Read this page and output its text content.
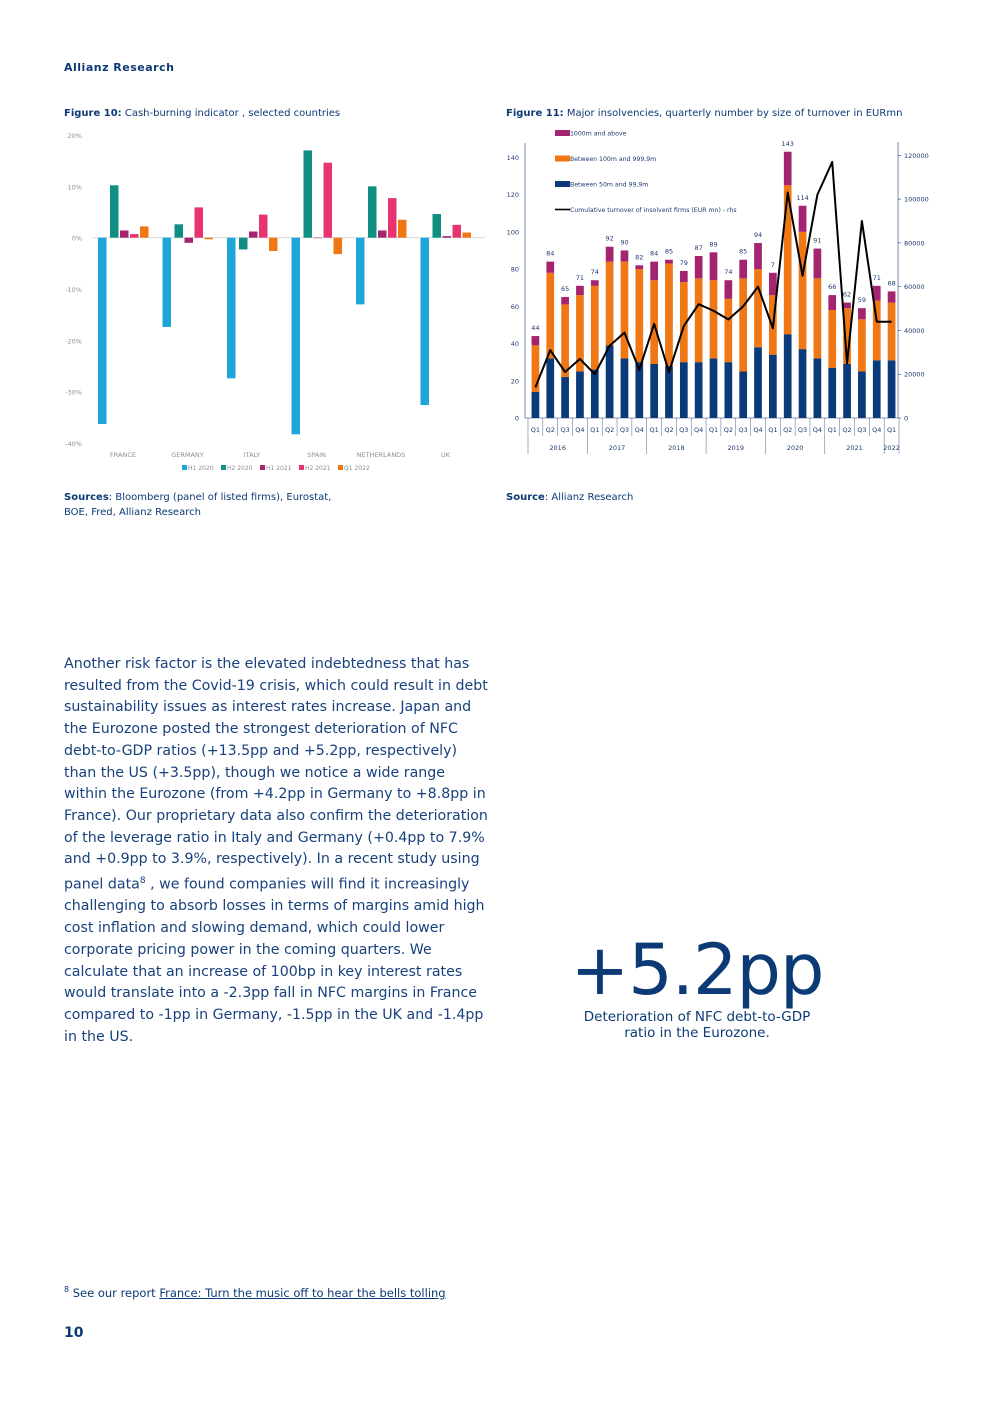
Allianz Research
Figure 10: Cash-burning indicator , selected countries	Figure 11: Major insolvencies, quarterly number by size of turnover in EURmn
20%
10%
0%
-10%
-20%
-30%
-40%
FRANCE	GERMANY	ITALY	SPAIN	NETHERLANDS	UK
H1 2020 H2 2020 H1 2021 H2 2021 Q1 2022
140
120
100
80
60
40
20
0
120000
100000
80000
60000
40000
20000
0
44
Q1
84
Q2
65
Q3
71
Q4
74
Q1
92
Q2
90
Q3
82
Q4
84
Q1
85
Q2
79
Q3
87
Q4
89
Q1
74
Q2
85
Q3
94
Q4
7
Q1
143
Q2
114
Q3
91
Q4
66
Q1
62
Q2
59
Q3
71
Q4
68
Q1
2016	2017	2018	2019	2020	2021	2022
1000m and above
Between 100m and 999,9m
Between 50m and 99,9m
Cumulative turnover of insolvent firms (EUR mn) - rhs
Sources: Bloomberg (panel of listed firms), Eurostat,
BOE, Fred, Allianz Research
Source: Allianz Research
Another risk factor is the elevated indebtedness that has resulted from the Covid-19 crisis, which could result in debt sustainability issues as interest rates increase. Japan and the Eurozone posted the strongest deterioration of NFC debt-to-GDP ratios (+13.5pp and +5.2pp, respectively) than the US (+3.5pp), though we notice a wide range within the Eurozone (from +4.2pp in Germany to +8.8pp in France). Our proprietary data also confirm the deterioration of the leverage ratio in Italy and Germany (+0.4pp to 7.9% and +0.9pp to 3.9%, respectively). In a recent study using panel data$^8$ , we found companies will find it increasingly challenging to absorb losses in terms of margins amid high cost inflation and slowing demand, which could lower corporate pricing power in the coming quarters. We calculate that an increase of 100bp in key interest rates would translate into a -2.3pp fall in NFC margins in France compared to -1pp in Germany, -1.5pp in the UK and -1.4pp in the US.
+5.2pp
Deterioration of NFC debt-to-GDP
ratio in the Eurozone.
$^8$ See our report France: Turn the music off to hear the bells tolling
10
